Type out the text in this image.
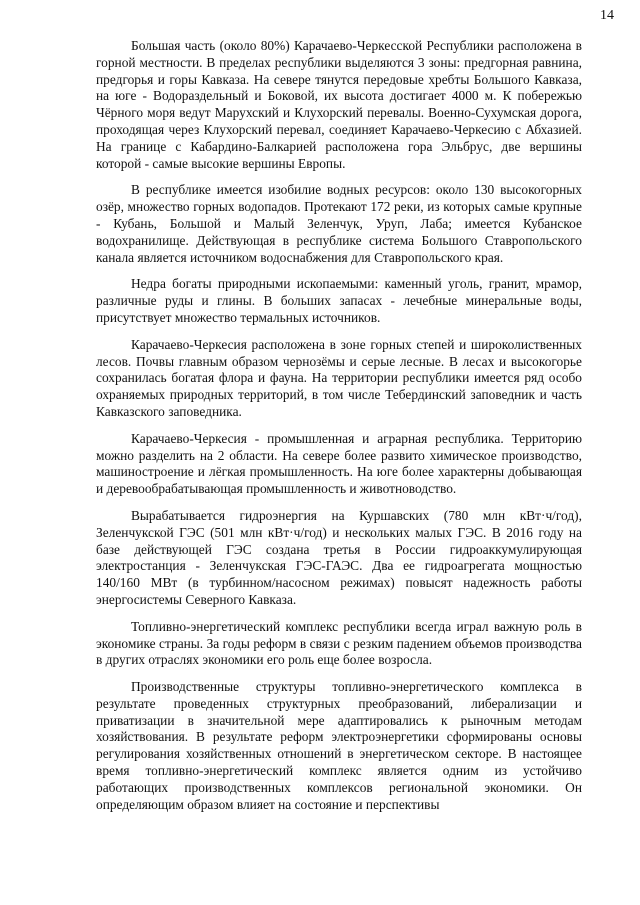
14

Большая часть (около 80%) Карачаево-Черкесской Республики расположена в горной местности. В пределах республики выделяются 3 зоны: предгорная равнина, предгорья и горы Кавказа. На севере тянутся передовые хребты Большого Кавказа, на юге - Водораздельный и Боковой, их высота достигает 4000 м. К побережью Чёрного моря ведут Марухский и Клухорский перевалы. Военно-Сухумская дорога, проходящая через Клухорский перевал, соединяет Карачаево-Черкесию с Абхазией. На границе с Кабардино-Балкарией расположена гора Эльбрус, две вершины которой - самые высокие вершины Европы.

В республике имеется изобилие водных ресурсов: около 130 высокогорных озёр, множество горных водопадов. Протекают 172 реки, из которых самые крупные - Кубань, Большой и Малый Зеленчук, Уруп, Лаба; имеется Кубанское водохранилище. Действующая в республике система Большого Ставропольского канала является источником водоснабжения для Ставропольского края.

Недра богаты природными ископаемыми: каменный уголь, гранит, мрамор, различные руды и глины. В больших запасах - лечебные минеральные воды, присутствует множество термальных источников.

Карачаево-Черкесия расположена в зоне горных степей и широколиственных лесов. Почвы главным образом чернозёмы и серые лесные. В лесах и высокогорье сохранилась богатая флора и фауна. На территории республики имеется ряд особо охраняемых природных территорий, в том числе Тебердинский заповедник и часть Кавказского заповедника.

Карачаево-Черкесия - промышленная и аграрная республика. Территорию можно разделить на 2 области. На севере более развито химическое производство, машиностроение и лёгкая промышленность. На юге более характерны добывающая и деревообрабатывающая промышленность и животноводство.

Вырабатывается гидроэнергия на Куршавских (780 млн кВт·ч/год), Зеленчукской ГЭС (501 млн кВт·ч/год) и нескольких малых ГЭС. В 2016 году на базе действующей ГЭС создана третья в России гидроаккумулирующая электростанция - Зеленчукская ГЭС-ГАЭС. Два ее гидроагрегата мощностью 140/160 МВт (в турбинном/насосном режимах) повысят надежность работы энергосистемы Северного Кавказа.

Топливно-энергетический комплекс республики всегда играл важную роль в экономике страны. За годы реформ в связи с резким падением объемов производства в других отраслях экономики его роль еще более возросла.

Производственные структуры топливно-энергетического комплекса в результате проведенных структурных преобразований, либерализации и приватизации в значительной мере адаптировались к рыночным методам хозяйствования. В результате реформ электроэнергетики сформированы основы регулирования хозяйственных отношений в энергетическом секторе. В настоящее время топливно-энергетический комплекс является одним из устойчиво работающих производственных комплексов региональной экономики. Он определяющим образом влияет на состояние и перспективы
